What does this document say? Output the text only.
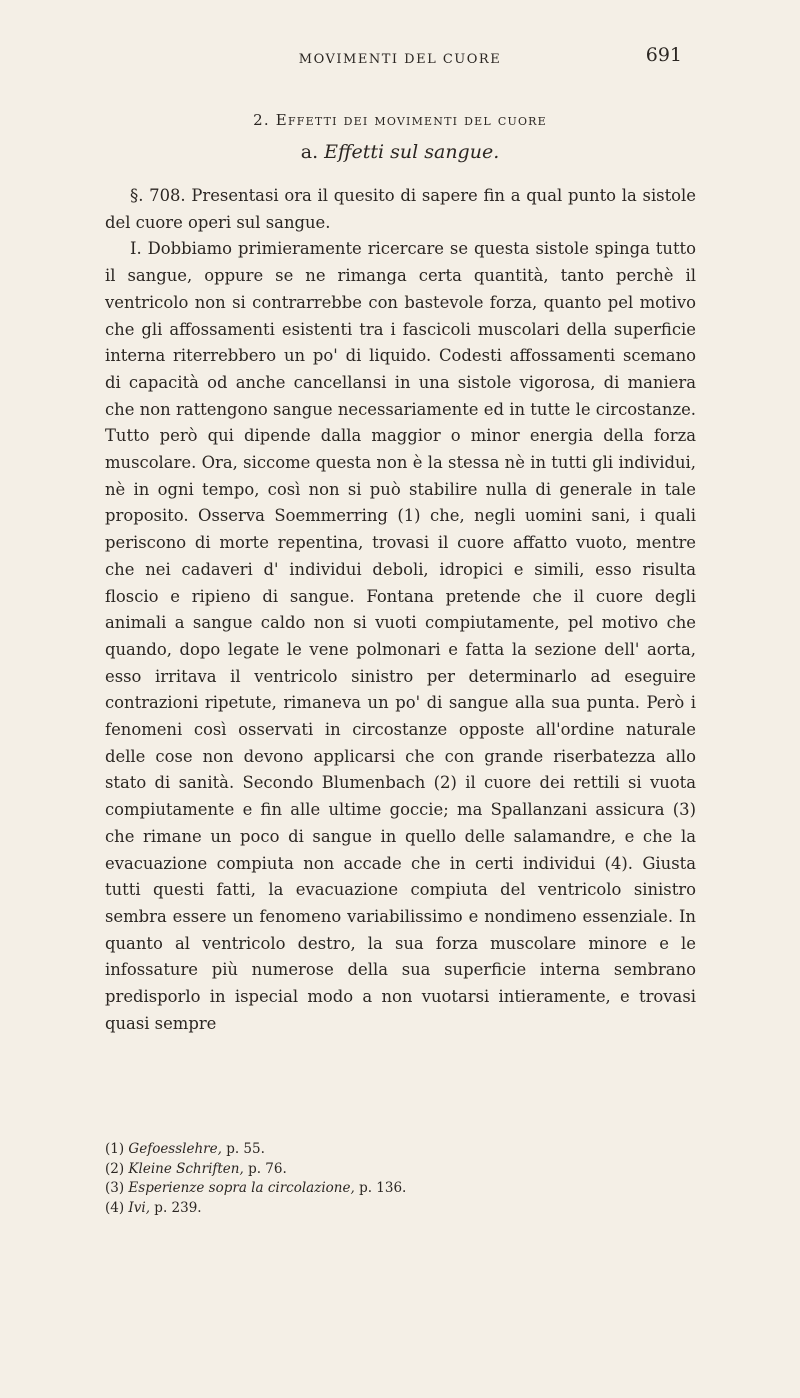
MOVIMENTI DEL CUORE	691
2. Effetti dei movimenti del cuore
a. Effetti sul sangue.

§. 708. Presentasi ora il quesito di sapere fin a qual punto la sistole del cuore operi sul sangue.

I. Dobbiamo primieramente ricercare se questa sistole spinga tutto il sangue, oppure se ne rimanga certa quantità, tanto perchè il ventricolo non si contrarrebbe con bastevole forza, quanto pel motivo che gli affossamenti esistenti tra i fascicoli muscolari della superficie interna riterrebbero un po' di liquido. Codesti affossamenti scemano di capacità od anche cancellansi in una sistole vigorosa, di maniera che non rattengono sangue necessariamente ed in tutte le circostanze. Tutto però qui dipende dalla maggior o minor energia della forza muscolare. Ora, siccome questa non è la stessa nè in tutti gli individui, nè in ogni tempo, così non si può stabilire nulla di generale in tale proposito. Osserva Soemmerring (1) che, negli uomini sani, i quali periscono di morte repentina, trovasi il cuore affatto vuoto, mentre che nei cadaveri d' individui deboli, idropici e simili, esso risulta floscio e ripieno di sangue. Fontana pretende che il cuore degli animali a sangue caldo non si vuoti compiutamente, pel motivo che quando, dopo legate le vene polmonari e fatta la sezione dell' aorta, esso irritava il ventricolo sinistro per determinarlo ad eseguire contrazioni ripetute, rimaneva un po' di sangue alla sua punta. Però i fenomeni così osservati in circostanze opposte all'ordine naturale delle cose non devono applicarsi che con grande riserbatezza allo stato di sanità. Secondo Blumenbach (2) il cuore dei rettili si vuota compiutamente e fin alle ultime goccie; ma Spallanzani assicura (3) che rimane un poco di sangue in quello delle salamandre, e che la evacuazione compiuta non accade che in certi individui (4). Giusta tutti questi fatti, la evacuazione compiuta del ventricolo sinistro sembra essere un fenomeno variabilissimo e nondimeno essenziale. In quanto al ventricolo destro, la sua forza muscolare minore e le infossature più numerose della sua superficie interna sembrano predisporlo in ispecial modo a non vuotarsi intieramente, e trovasi quasi sempre

(1) Gefoesslehre, p. 55.

(2) Kleine Schriften, p. 76.

(3) Esperienze sopra la circolazione, p. 136.

(4) Ivi, p. 239.
